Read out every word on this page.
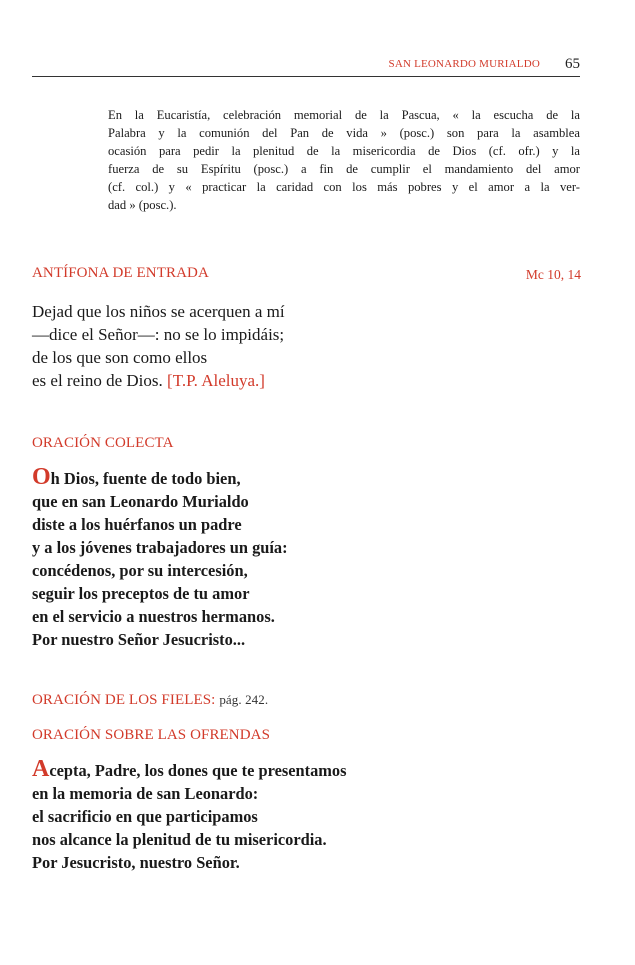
SAN LEONARDO MURIALDO 65
En la Eucaristía, celebración memorial de la Pascua, « la escucha de la
Palabra y la comunión del Pan de vida » (posc.) son para la asamblea
ocasión para pedir la plenitud de la misericordia de Dios (cf. ofr.) y la
fuerza de su Espíritu (posc.) a fin de cumplir el mandamiento del amor
(cf. col.) y « practicar la caridad con los más pobres y el amor a la ver-
dad » (posc.).
ANTÍFONA DE ENTRADA	Mc 10, 14
Dejad que los niños se acerquen a mí
—dice el Señor—: no se lo impidáis;
de los que son como ellos
es el reino de Dios. [T.P. Aleluya.]
ORACIÓN COLECTA
Oh Dios, fuente de todo bien,
que en san Leonardo Murialdo
diste a los huérfanos un padre
y a los jóvenes trabajadores un guía:
concédenos, por su intercesión,
seguir los preceptos de tu amor
en el servicio a nuestros hermanos.
Por nuestro Señor Jesucristo...
ORACIÓN DE LOS FIELES: pág. 242.
ORACIÓN SOBRE LAS OFRENDAS
Acepta, Padre, los dones que te presentamos
en la memoria de san Leonardo:
el sacrificio en que participamos
nos alcance la plenitud de tu misericordia.
Por Jesucristo, nuestro Señor.
